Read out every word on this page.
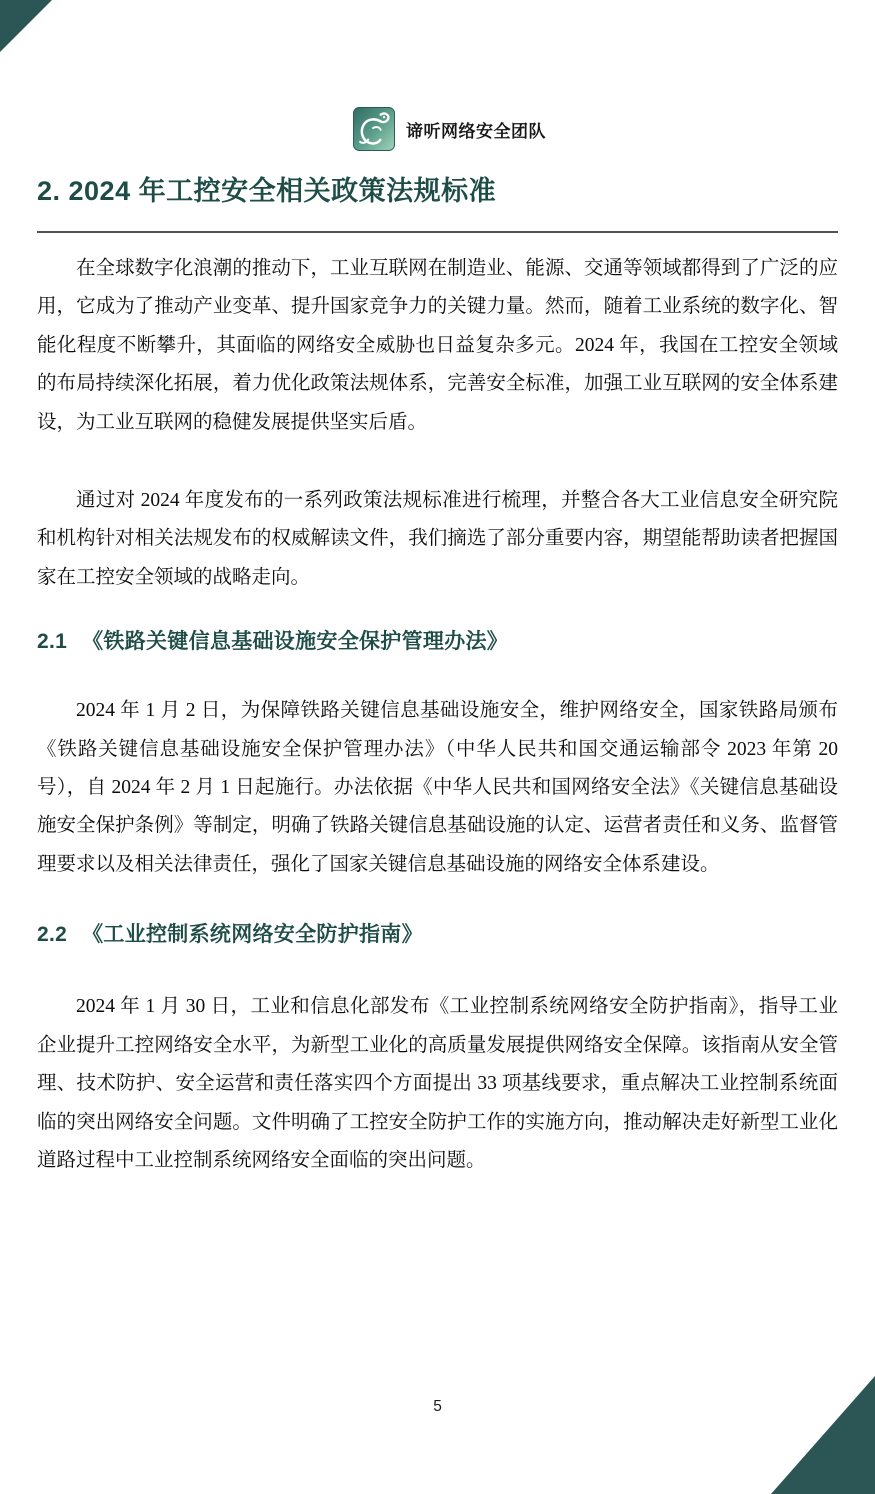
谛听网络安全团队
2. 2024 年工控安全相关政策法规标准

在全球数字化浪潮的推动下，工业互联网在制造业、能源、交通等领域都得到了广泛的应用，它成为了推动产业变革、提升国家竞争力的关键力量。然而，随着工业系统的数字化、智能化程度不断攀升，其面临的网络安全威胁也日益复杂多元。2024 年，我国在工控安全领域的布局持续深化拓展，着力优化政策法规体系，完善安全标准，加强工业互联网的安全体系建设，为工业互联网的稳健发展提供坚实后盾。

通过对 2024 年度发布的一系列政策法规标准进行梳理，并整合各大工业信息安全研究院和机构针对相关法规发布的权威解读文件，我们摘选了部分重要内容，期望能帮助读者把握国家在工控安全领域的战略走向。

2.1 《铁路关键信息基础设施安全保护管理办法》

2024 年 1 月 2 日，为保障铁路关键信息基础设施安全，维护网络安全，国家铁路局颁布《铁路关键信息基础设施安全保护管理办法》（中华人民共和国交通运输部令 2023 年第 20 号），自 2024 年 2 月 1 日起施行。办法依据《中华人民共和国网络安全法》《关键信息基础设施安全保护条例》等制定，明确了铁路关键信息基础设施的认定、运营者责任和义务、监督管理要求以及相关法律责任，强化了国家关键信息基础设施的网络安全体系建设。

2.2 《工业控制系统网络安全防护指南》

2024 年 1 月 30 日，工业和信息化部发布《工业控制系统网络安全防护指南》，指导工业企业提升工控网络安全水平，为新型工业化的高质量发展提供网络安全保障。该指南从安全管理、技术防护、安全运营和责任落实四个方面提出 33 项基线要求，重点解决工业控制系统面临的突出网络安全问题。文件明确了工控安全防护工作的实施方向，推动解决走好新型工业化道路过程中工业控制系统网络安全面临的突出问题。

5
